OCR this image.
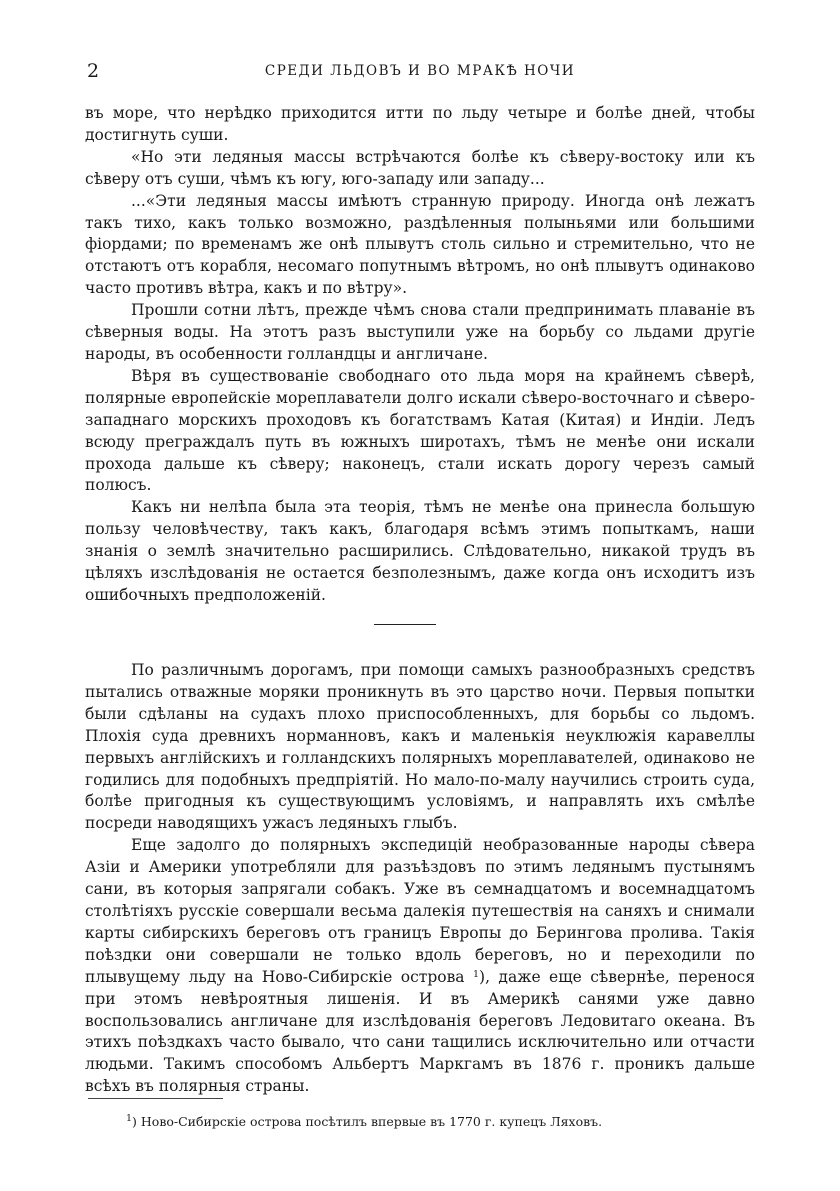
2	СРЕДИ ЛЬДОВЪ И ВО МРАКѢ НОЧИ

въ море, что нерѣдко приходится итти по льду четыре и болѣе дней, чтобы достигнуть суши.

«Но эти ледяныя массы встрѣчаются болѣе къ сѣверу-востоку или къ сѣверу отъ суши, чѣмъ къ югу, юго-западу или западу...

...«Эти ледяныя массы имѣютъ странную природу. Иногда онѣ лежатъ такъ тихо, какъ только возможно, раздѣленныя полыньями или большими фіордами; по временамъ же онѣ плывутъ столь сильно и стремительно, что не отстаютъ отъ корабля, несомаго попутнымъ вѣтромъ, но онѣ плывутъ одинаково часто противъ вѣтра, какъ и по вѣтру».

Прошли сотни лѣтъ, прежде чѣмъ снова стали предпринимать плаваніе въ сѣверныя воды. На этотъ разъ выступили уже на борьбу со льдами другіе народы, въ особенности голландцы и англичане.

Вѣря въ существованіе свободнаго ото льда моря на крайнемъ сѣверѣ, полярные европейскіе мореплаватели долго искали сѣверо-восточнаго и сѣверо-западнаго морскихъ проходовъ къ богатствамъ Катая (Китая) и Индіи. Ледъ всюду преграждалъ путь въ южныхъ широтахъ, тѣмъ не менѣе они искали прохода дальше къ сѣверу; наконецъ, стали искать дорогу черезъ самый полюсъ.

Какъ ни нелѣпа была эта теорія, тѣмъ не менѣе она принесла большую пользу человѣчеству, такъ какъ, благодаря всѣмъ этимъ попыткамъ, наши знанія о землѣ значительно расширились. Слѣдовательно, никакой трудъ въ цѣляхъ изслѣдованія не остается безполезнымъ, даже когда онъ исходитъ изъ ошибочныхъ предположеній.

По различнымъ дорогамъ, при помощи самыхъ разнообразныхъ средствъ пытались отважные моряки проникнуть въ это царство ночи. Первыя попытки были сдѣланы на судахъ плохо приспособленныхъ, для борьбы со льдомъ. Плохія суда древнихъ норманновъ, какъ и маленькія неуклюжія каравеллы первыхъ англійскихъ и голландскихъ полярныхъ мореплавателей, одинаково не годились для подобныхъ предпріятій. Но мало-по-малу научились строить суда, болѣе пригодныя къ существующимъ условіямъ, и направлять ихъ смѣлѣе посреди наводящихъ ужасъ ледяныхъ глыбъ.

Еще задолго до полярныхъ экспедицій необразованные народы сѣвера Азіи и Америки употребляли для разъѣздовъ по этимъ ледянымъ пустынямъ сани, въ которыя запрягали собакъ. Уже въ семнадцатомъ и восемнадцатомъ столѣтіяхъ русскіе совершали весьма далекія путешествія на саняхъ и снимали карты сибирскихъ береговъ отъ границъ Европы до Берингова пролива. Такія поѣздки они совершали не только вдоль береговъ, но и переходили по плывущему льду на Ново-Сибирскіе острова $^1$), даже еще сѣвернѣе, перенося при этомъ невѣроятныя лишенія. И въ Америкѣ санями уже давно воспользовались англичане для изслѣдованія береговъ Ледовитаго океана. Въ этихъ поѣздкахъ часто бывало, что сани тащились исключительно или отчасти людьми. Такимъ способомъ Альбертъ Маркгамъ въ 1876 г. проникъ дальше всѣхъ въ полярныя страны.

$^1$) Ново-Сибирскіе острова посѣтилъ впервые въ 1770 г. купецъ Ляховъ.
